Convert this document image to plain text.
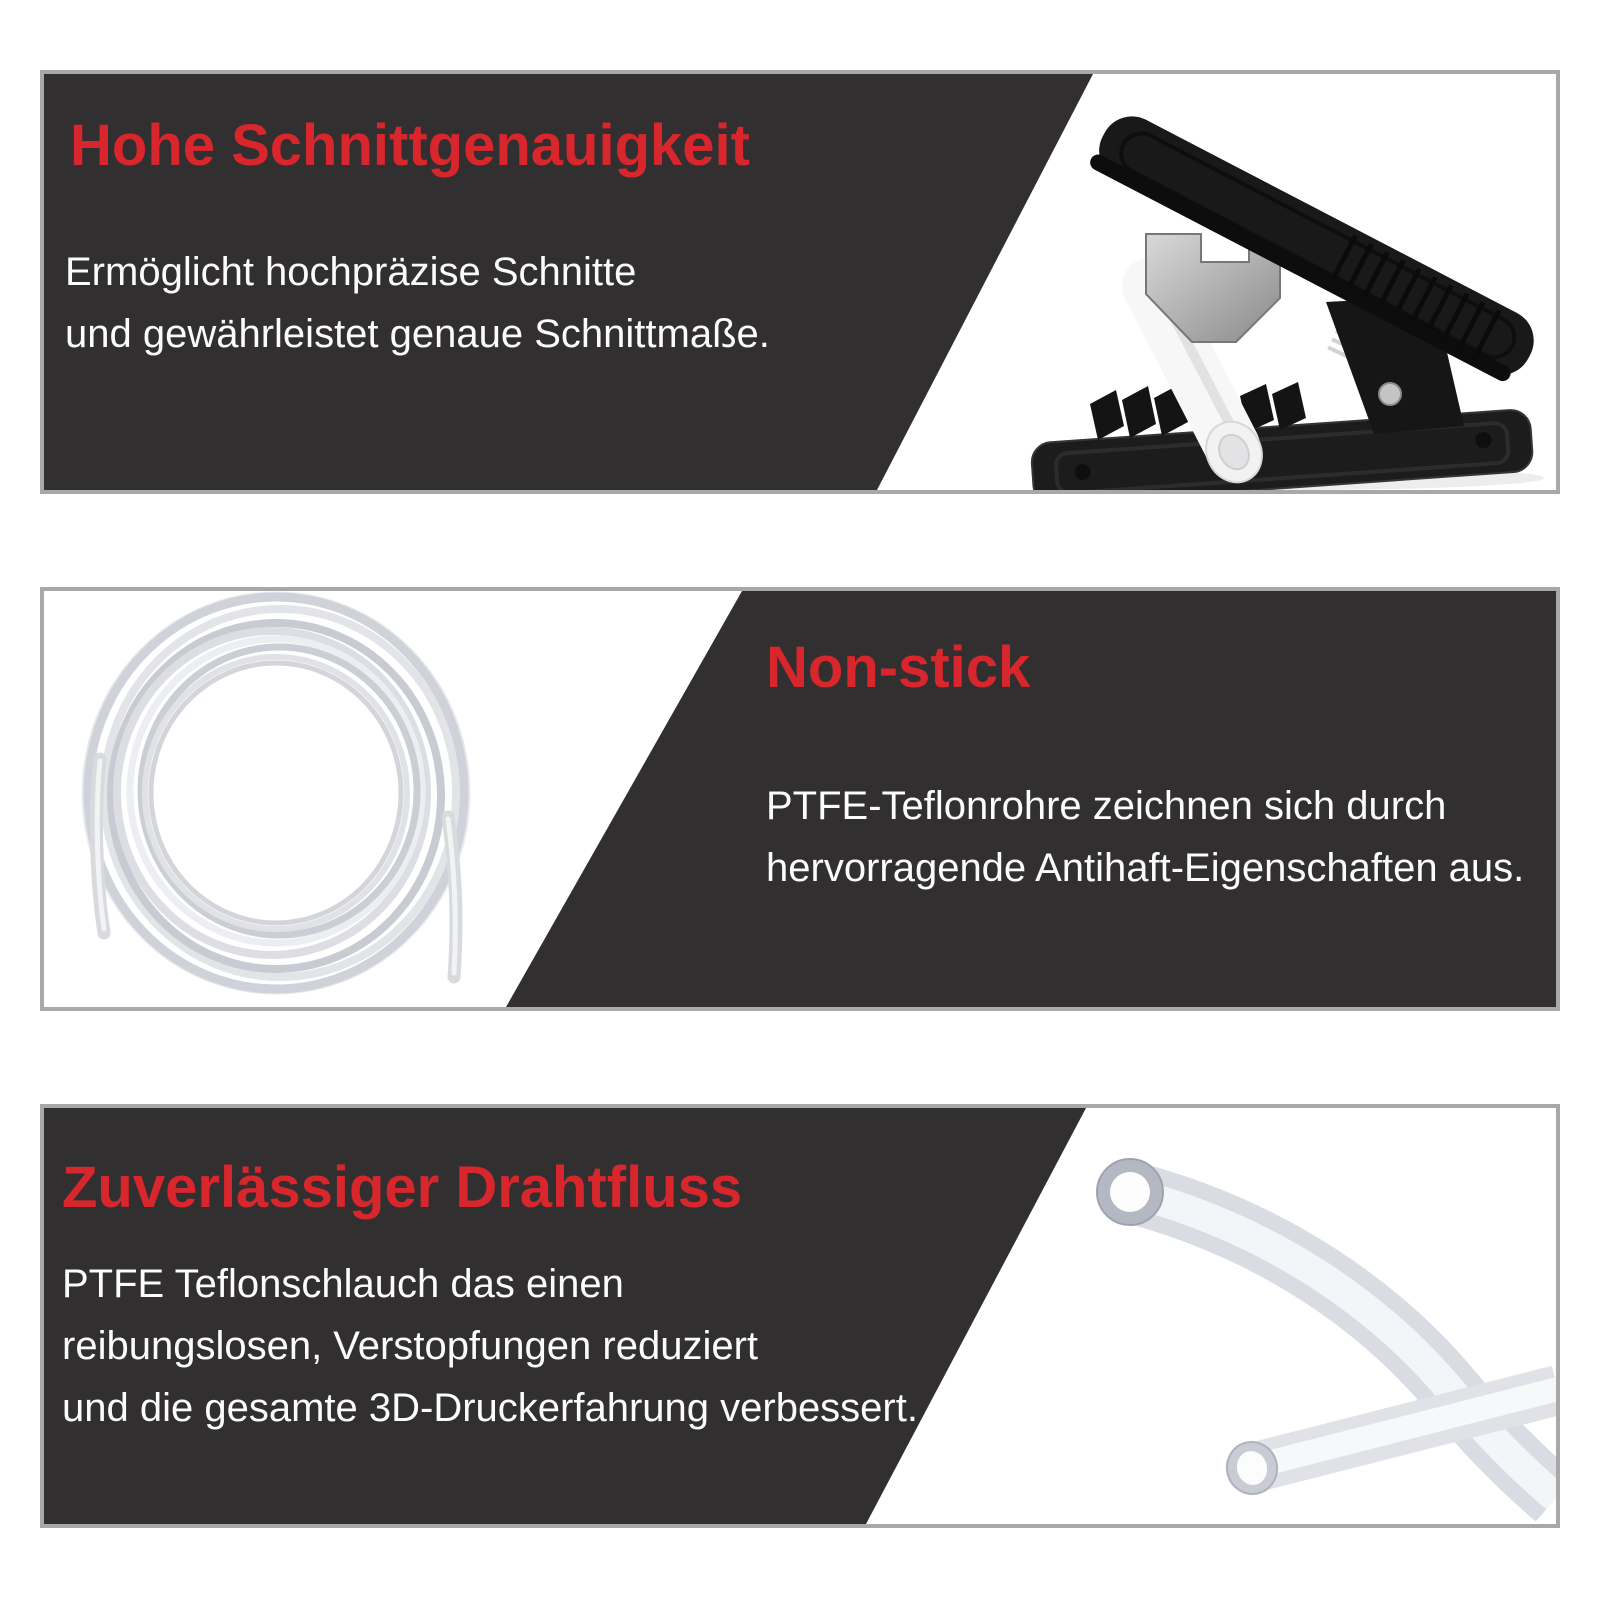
Hohe Schnittgenauigkeit

Ermöglicht hochpräzise Schnitte

und gewährleistet genaue Schnittmaße.

Non-stick

PTFE-Teflonrohre zeichnen sich durch

hervorragende Antihaft-Eigenschaften aus.

Zuverlässiger Drahtfluss

PTFE Teflonschlauch das einen

reibungslosen, Verstopfungen reduziert

und die gesamte 3D-Druckerfahrung verbessert.
